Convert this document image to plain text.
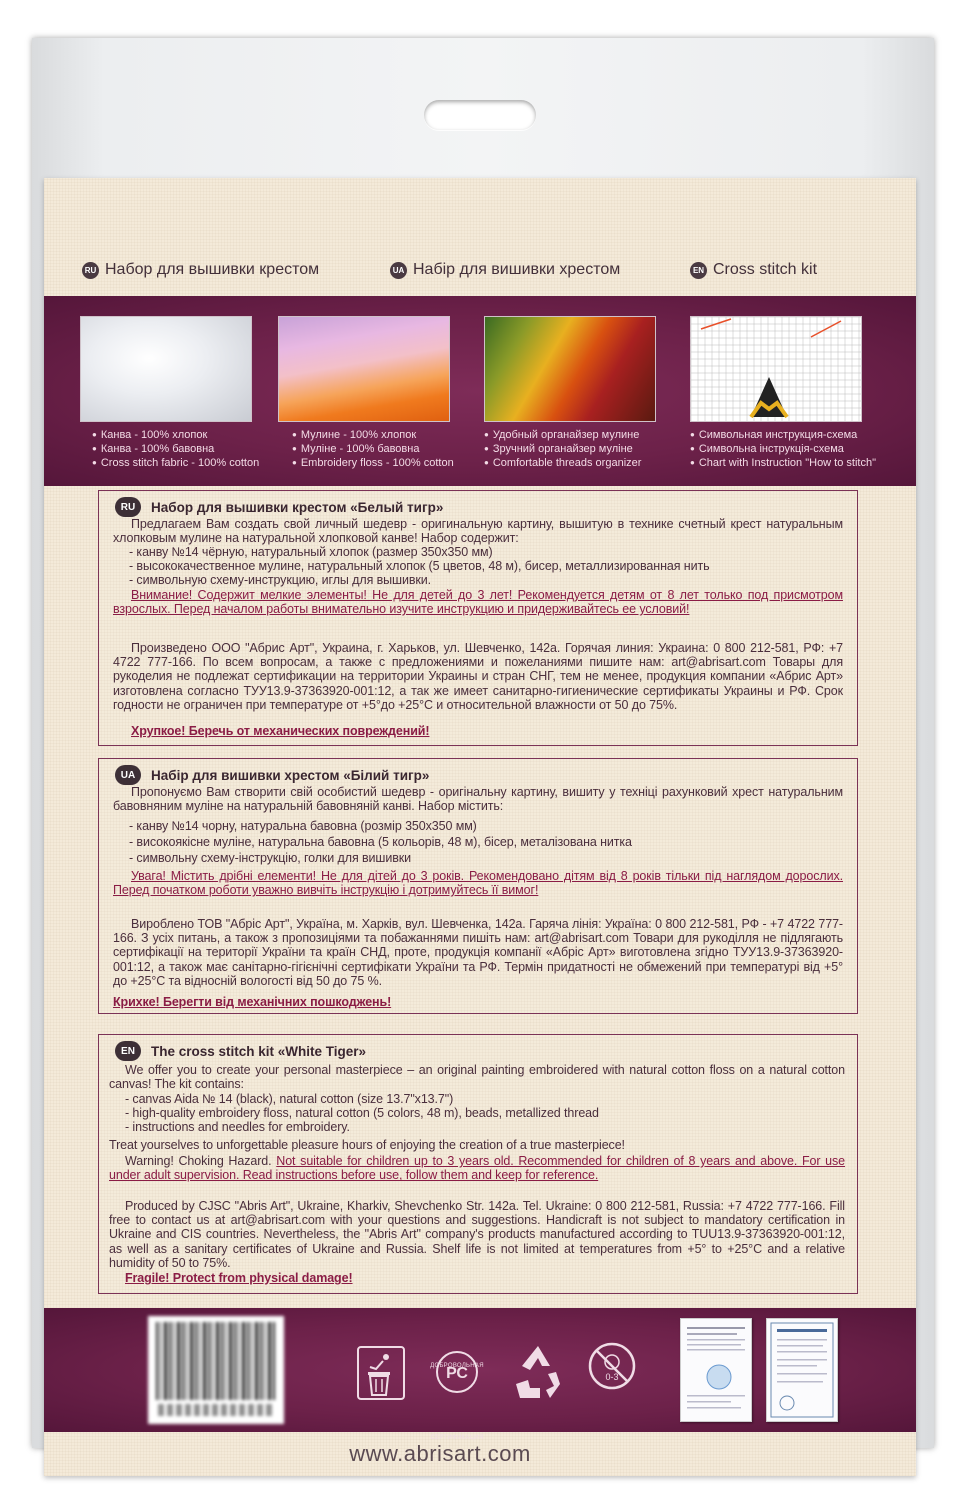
RU Набор для вышивки крестом	UA Набір для вишивки хрестом	EN Cross stitch kit
● Канва - 100% хлопок
● Канва - 100% бавовна
● Cross stitch fabric - 100% cotton
● Мулине - 100% хлопок
● Муліне - 100% бавовна
● Embroidery floss - 100% cotton
● Удобный органайзер мулине
● Зручний органайзер муліне
● Comfortable threads organizer
● Символьная инструкция-схема
● Символьна інструкція-схема
● Chart with Instruction "How to stitch"
RU	Набор для вышивки крестом «Белый тигр»
Предлагаем Вам создать свой личный шедевр - оригинальную картину, вышитую в технике счетный крест натуральным хлопковым мулине на натуральной хлопковой канве! Набор содержит:
- канву №14 чёрную, натуральный хлопок (размер 350х350 мм)
- высококачественное мулине, натуральный хлопок (5 цветов, 48 м), бисер, металлизированная нить
- символьную схему-инструкцию, иглы для вышивки.
Внимание! Содержит мелкие элементы! Не для детей до 3 лет! Рекомендуется детям от 8 лет только под присмотром взрослых. Перед началом работы внимательно изучите инструкцию и придерживайтесь ее условий!
Произведено ООО "Абрис Арт", Украина, г. Харьков, ул. Шевченко, 142а. Горячая линия: Украина: 0 800 212-581, РФ: +7 4722 777-166. По всем вопросам, а также с предложениями и пожеланиями пишите нам: art@abrisart.com Товары для рукоделия не подлежат сертификации на территории Украины и стран СНГ, тем не менее, продукция компании «Абрис Арт» изготовлена согласно ТУУ13.9-37363920-001:12, а так же имеет санитарно-гигиенические сертификаты Украины и РФ. Срок годности не ограничен при температуре от +5°до +25°С и относительной влажности от 50 до 75%.
Хрупкое! Беречь от механических повреждений!
UA	Набір для вишивки хрестом «Білий тигр»
Пропонуємо Вам створити свій особистий шедевр - оригінальну картину, вишиту у техніці рахунковий хрест натуральним бавовняним муліне на натуральній бавовняній канві. Набор містить:
- канву №14 чорну, натуральна бавовна (розмір 350х350 мм)
- високоякісне муліне, натуральна бавовна (5 кольорів, 48 м), бісер, металізована нитка
- символьну схему-інструкцію, голки для вишивки
Увага! Містить дрібні елементи! Не для дітей до 3 років. Рекомендовано дітям від 8 років тільки під наглядом дорослих. Перед початком роботи уважно вивчіть інструкцію і дотримуйтесь її вимог!
Вироблено ТОВ "Абріс Арт", Україна, м. Харків, вул. Шевченка, 142а. Гаряча лінія: Україна: 0 800 212-581, РФ - +7 4722 777-166. З усіх питань, а також з пропозиціями та побажаннями пишіть нам: art@abrisart.com Товари для рукоділля не підлягають сертифікації на території України та країн СНД, проте, продукція компанії «Абріс Арт» виготовлена згідно ТУУ13.9-37363920-001:12, а також має санітарно-гігієнічні сертифікати України та РФ. Термін придатності не обмежений при температурі від +5° до +25°С та відносній вологості від 50 до 75 %.
Крихке! Берегти від механічних пошкоджень!
EN	The cross stitch kit «White Tiger»
We offer you to create your personal masterpiece – an original painting embroidered with natural cotton floss on a natural cotton canvas! The kit contains:
- canvas Aida № 14 (black), natural cotton (size 13.7"x13.7")
- high-quality embroidery floss, natural cotton (5 colors, 48 m), beads, metallized thread
- instructions and needles for embroidery.
Treat yourselves to unforgettable pleasure hours of enjoying the creation of a true masterpiece!
Warning! Choking Hazard. Not suitable for children up to 3 years old. Recommended for children of 8 years and above. For use under adult supervision. Read instructions before use, follow them and keep for reference.
Produced by CJSC "Abris Art", Ukraine, Kharkiv, Shevchenko Str. 142a. Tel. Ukraine: 0 800 212-581, Russia: +7 4722 777-166. Fill free to contact us at art@abrisart.com with your questions and suggestions. Handicraft is not subject to mandatory certification in Ukraine and CIS countries. Nevertheless, the "Abris Art" company's products manufactured according to TUU13.9-37363920-001:12, as well as a sanitary certificates of Ukraine and Russia. Shelf life is not limited at temperatures from +5° to +25°C and a relative humidity of 50 to 75%.
Fragile! Protect from physical damage!
РС
ДОБРОВОЛЬНАЯ СЕРТИФИКАЦИЯ
0-3
www.abrisart.com
